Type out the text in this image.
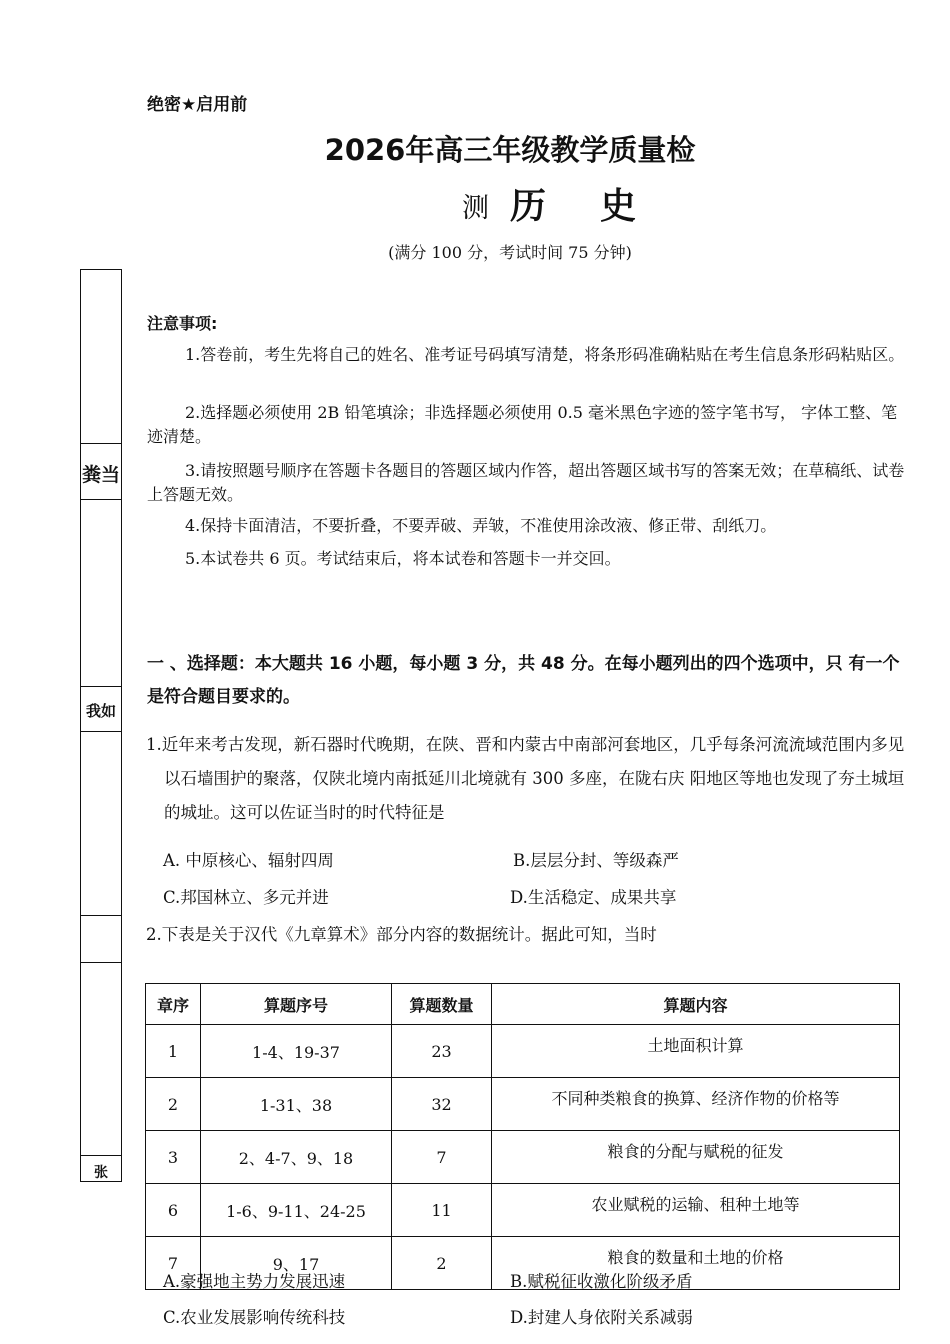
绝密★启用前
2026年高三年级教学质量检
测 历 史
(满分 100 分，考试时间 75 分钟)
粪当
我如
张
注意事项:
1.答卷前，考生先将自己的姓名、准考证号码填写清楚，将条形码准确粘贴在考生信息条形码粘贴区。
2.选择题必须使用 2B 铅笔填涂；非选择题必须使用 0.5 毫米黑色字迹的签字笔书写， 字体工整、笔迹清楚。
3.请按照题号顺序在答题卡各题目的答题区域内作答，超出答题区域书写的答案无效；在草稿纸、试卷上答题无效。
4.保持卡面清洁，不要折叠，不要弄破、弄皱，不准使用涂改液、修正带、刮纸刀。
5.本试卷共 6 页。考试结束后，将本试卷和答题卡一并交回。
一 、选择题：本大题共 16 小题，每小题 3 分，共 48 分。在每小题列出的四个选项中，只 有一个是符合题目要求的。
1.近年来考古发现，新石器时代晚期，在陕、晋和内蒙古中南部河套地区，几乎每条河流流域范围内多见以石墙围护的聚落，仅陕北境内南抵延川北境就有 300 多座，在陇右庆 阳地区等地也发现了夯土城垣的城址。这可以佐证当时的时代特征是
A. 中原核心、辐射四周	B.层层分封、等级森严
C.邦国林立、多元并进	D.生活稳定、成果共享
2.下表是关于汉代《九章算术》部分内容的数据统计。据此可知，当时
章序	算题序号	算题数量	算题内容
1	1-4、19-37	23	土地面积计算
2	1-31、38	32	不同种类粮食的换算、经济作物的价格等
3	2、4-7、9、18	7	粮食的分配与赋税的征发
6	1-6、9-11、24-25	11	农业赋税的运输、租种土地等
7	9、17	2	粮食的数量和土地的价格
A.豪强地主势力发展迅速	B.赋税征收激化阶级矛盾
C.农业发展影响传统科技	D.封建人身依附关系减弱
